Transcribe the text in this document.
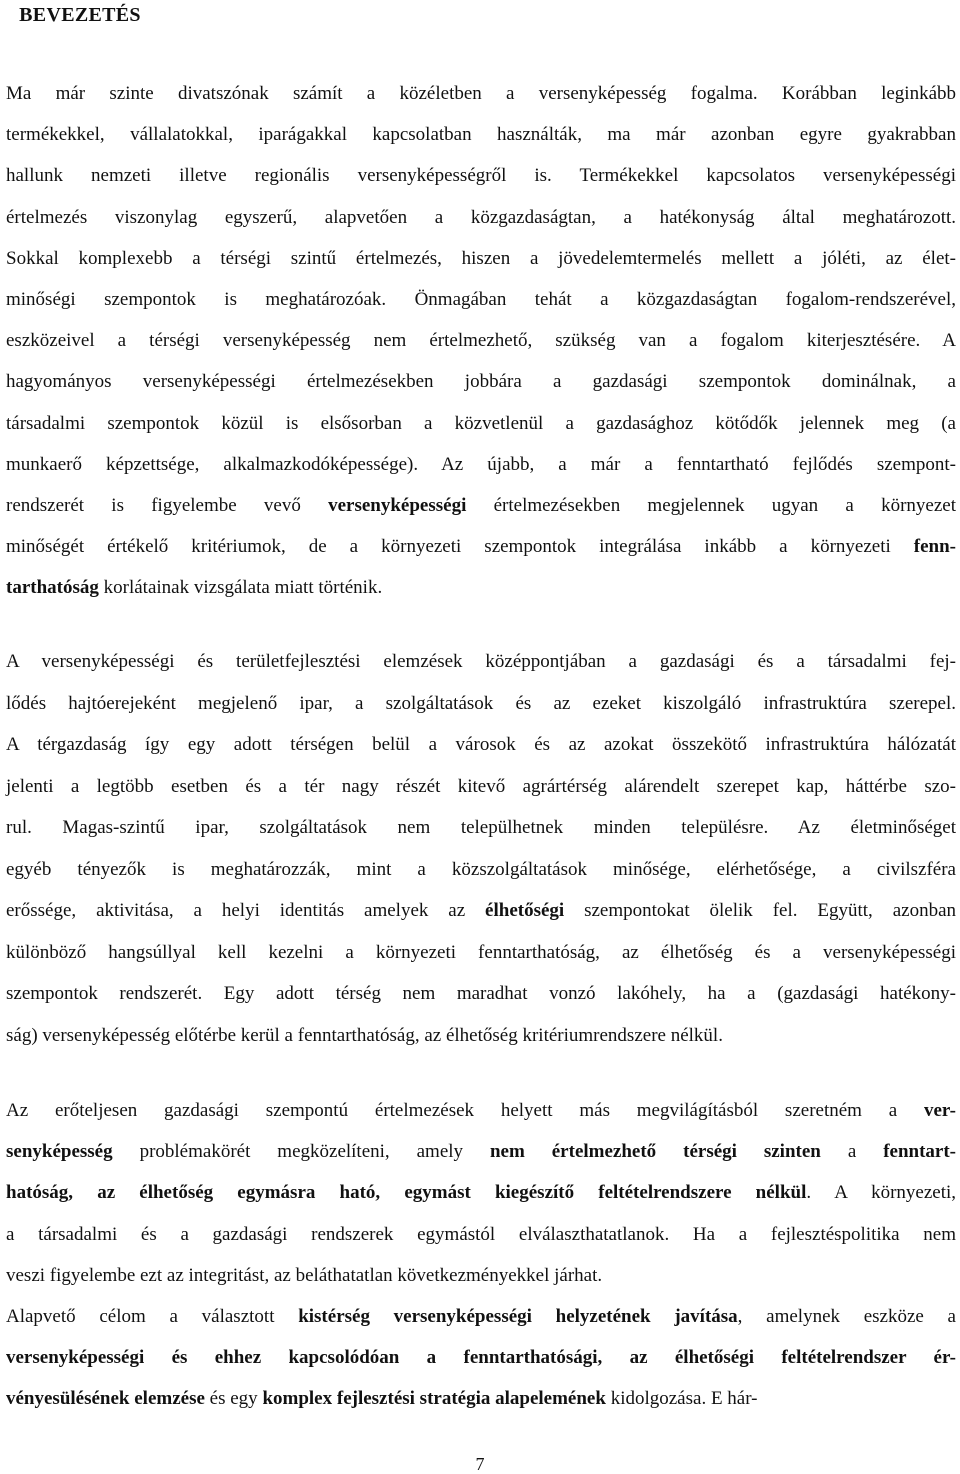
BEVEZETÉS
Ma már szinte divatszónak számít a közéletben a versenyképesség fogalma. Korábban leginkább
termékekkel, vállalatokkal, iparágakkal kapcsolatban használták, ma már azonban egyre gyakrabban
hallunk nemzeti illetve regionális versenyképességről is. Termékekkel kapcsolatos versenyképességi
értelmezés viszonylag egyszerű, alapvetően a közgazdaságtan, a hatékonyság által meghatározott.
Sokkal komplexebb a térségi szintű értelmezés, hiszen a jövedelemtermelés mellett a jóléti, az élet-
minőségi szempontok is meghatározóak. Önmagában tehát a közgazdaságtan fogalom-rendszerével,
eszközeivel a térségi versenyképesség nem értelmezhető, szükség van a fogalom kiterjesztésére. A
hagyományos versenyképességi értelmezésekben jobbára a gazdasági szempontok dominálnak, a
társadalmi szempontok közül is elsősorban a közvetlenül a gazdasághoz kötődők jelennek meg (a
munkaerő képzettsége, alkalmazkodóképessége). Az újabb, a már a fenntartható fejlődés szempont-
rendszerét is figyelembe vevő versenyképességi értelmezésekben megjelennek ugyan a környezet
minőségét értékelő kritériumok, de a környezeti szempontok integrálása inkább a környezeti fenn-
tarthatóság korlátainak vizsgálata miatt történik.
A versenyképességi és területfejlesztési elemzések középpontjában a gazdasági és a társadalmi fej-
lődés hajtóerejeként megjelenő ipar, a szolgáltatások és az ezeket kiszolgáló infrastruktúra szerepel.
A térgazdaság így egy adott térségen belül a városok és az azokat összekötő infrastruktúra hálózatát
jelenti a legtöbb esetben és a tér nagy részét kitevő agrártérség alárendelt szerepet kap, háttérbe szo-
rul. Magas-szintű ipar, szolgáltatások nem települhetnek minden településre. Az életminőséget
egyéb tényezők is meghatározzák, mint a közszolgáltatások minősége, elérhetősége, a civilszféra
erőssége, aktivitása, a helyi identitás amelyek az élhetőségi szempontokat ölelik fel. Együtt, azonban
különböző hangsúllyal kell kezelni a környezeti fenntarthatóság, az élhetőség és a versenyképességi
szempontok rendszerét. Egy adott térség nem maradhat vonzó lakóhely, ha a (gazdasági hatékony-
ság) versenyképesség előtérbe kerül a fenntarthatóság, az élhetőség kritériumrendszere nélkül.
Az erőteljesen gazdasági szempontú értelmezések helyett más megvilágításból szeretném a ver-
senyképesség problémakörét megközelíteni, amely nem értelmezhető térségi szinten a fenntart-
hatóság, az élhetőség egymásra ható, egymást kiegészítő feltételrendszere nélkül. A környezeti,
a társadalmi és a gazdasági rendszerek egymástól elválaszthatatlanok. Ha a fejlesztéspolitika nem
veszi figyelembe ezt az integritást, az beláthatatlan következményekkel járhat.
Alapvető célom a választott kistérség versenyképességi helyzetének javítása, amelynek eszköze a
versenyképességi és ehhez kapcsolódóan a fenntarthatósági, az élhetőségi feltételrendszer ér-
vényesülésének elemzése és egy komplex fejlesztési stratégia alapelemének kidolgozása. E hár-
7
